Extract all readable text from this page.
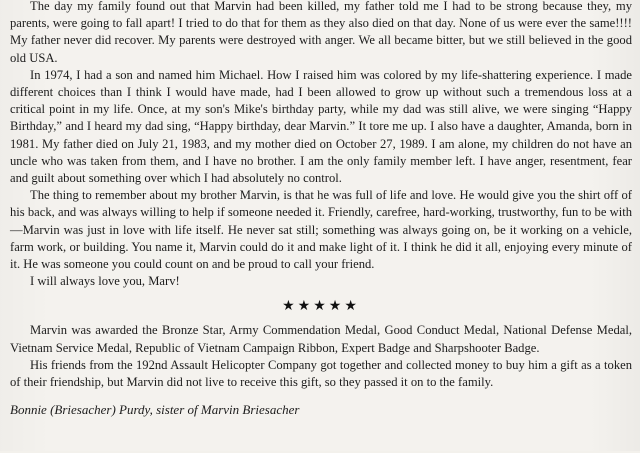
The day my family found out that Marvin had been killed, my father told me I had to be strong because they, my parents, were going to fall apart! I tried to do that for them as they also died on that day. None of us were ever the same!!!! My father never did recover. My parents were destroyed with anger. We all became bitter, but we still believed in the good old USA.

In 1974, I had a son and named him Michael. How I raised him was colored by my life-shattering experience. I made different choices than I think I would have made, had I been allowed to grow up without such a tremendous loss at a critical point in my life. Once, at my son's Mike's birthday party, while my dad was still alive, we were singing “Happy Birthday,” and I heard my dad sing, “Happy birthday, dear Marvin.” It tore me up. I also have a daughter, Amanda, born in 1981. My father died on July 21, 1983, and my mother died on October 27, 1989. I am alone, my children do not have an uncle who was taken from them, and I have no brother. I am the only family member left. I have anger, resentment, fear and guilt about something over which I had absolutely no control.

The thing to remember about my brother Marvin, is that he was full of life and love. He would give you the shirt off of his back, and was always willing to help if someone needed it. Friendly, carefree, hard-working, trustworthy, fun to be with—Marvin was just in love with life itself. He never sat still; something was always going on, be it working on a vehicle, farm work, or building. You name it, Marvin could do it and make light of it. I think he did it all, enjoying every minute of it. He was someone you could count on and be proud to call your friend.

I will always love you, Marv!

★★★★★

Marvin was awarded the Bronze Star, Army Commendation Medal, Good Conduct Medal, National Defense Medal, Vietnam Service Medal, Republic of Vietnam Campaign Ribbon, Expert Badge and Sharpshooter Badge.

His friends from the 192nd Assault Helicopter Company got together and collected money to buy him a gift as a token of their friendship, but Marvin did not live to receive this gift, so they passed it on to the family.

Bonnie (Briesacher) Purdy, sister of Marvin Briesacher
